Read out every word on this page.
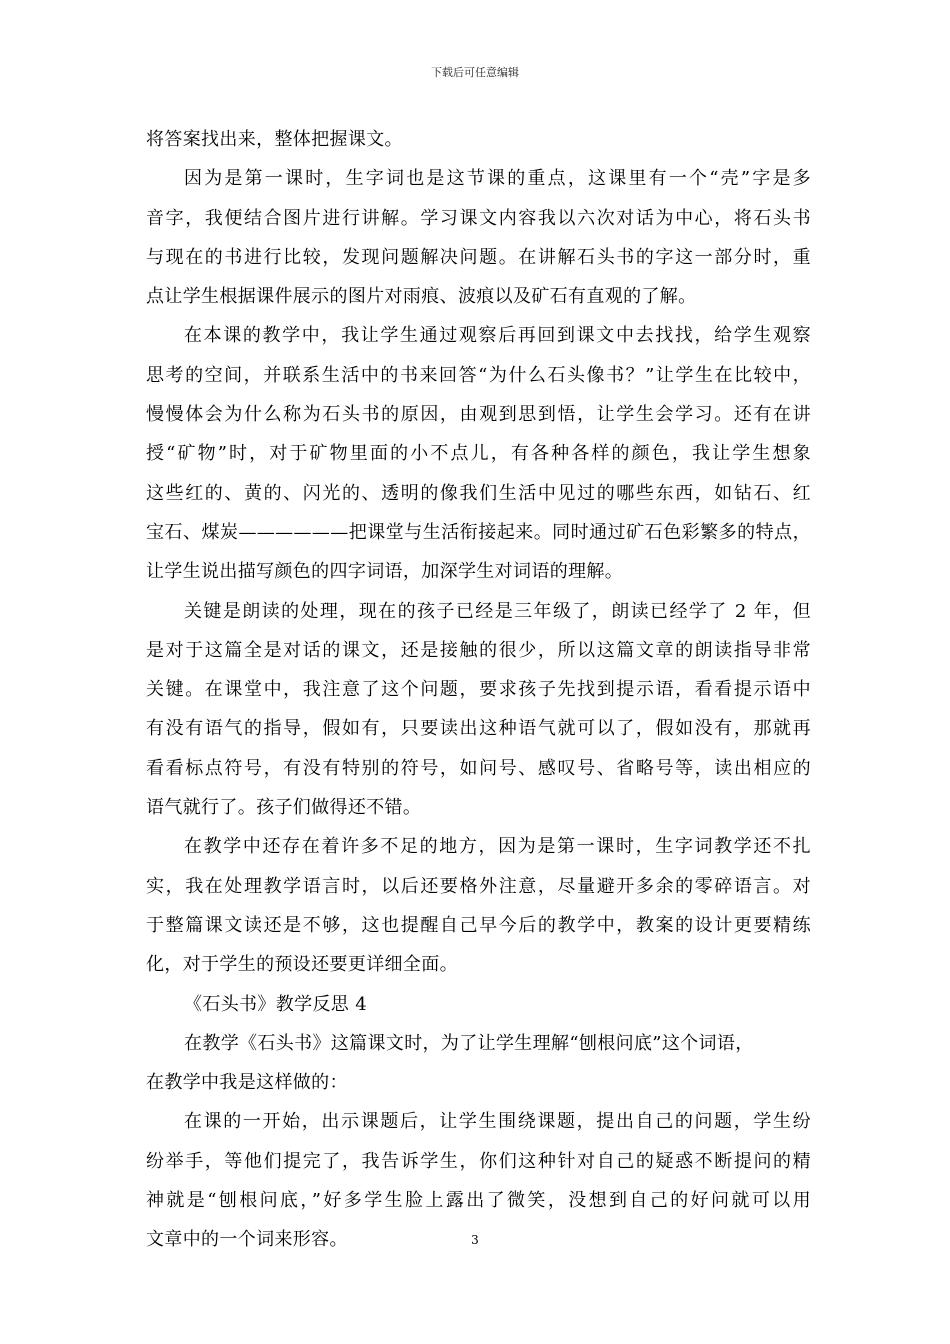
下载后可任意编辑
将答案找出来，整体把握课文。
因为是第一课时，生字词也是这节课的重点，这课里有一个“壳”字是多
音字，我便结合图片进行讲解。学习课文内容我以六次对话为中心，将石头书
与现在的书进行比较，发现问题解决问题。在讲解石头书的字这一部分时，重
点让学生根据课件展示的图片对雨痕、波痕以及矿石有直观的了解。
在本课的教学中，我让学生通过观察后再回到课文中去找找，给学生观察
思考的空间，并联系生活中的书来回答“为什么石头像书？”让学生在比较中，
慢慢体会为什么称为石头书的原因，由观到思到悟，让学生会学习。还有在讲
授“矿物”时，对于矿物里面的小不点儿，有各种各样的颜色，我让学生想象
这些红的、黄的、闪光的、透明的像我们生活中见过的哪些东西，如钻石、红
宝石、煤炭——————把课堂与生活衔接起来。同时通过矿石色彩繁多的特点，
让学生说出描写颜色的四字词语，加深学生对词语的理解。
关键是朗读的处理，现在的孩子已经是三年级了，朗读已经学了 2 年，但
是对于这篇全是对话的课文，还是接触的很少，所以这篇文章的朗读指导非常
关键。在课堂中，我注意了这个问题，要求孩子先找到提示语，看看提示语中
有没有语气的指导，假如有，只要读出这种语气就可以了，假如没有，那就再
看看标点符号，有没有特别的符号，如问号、感叹号、省略号等，读出相应的
语气就行了。孩子们做得还不错。
在教学中还存在着许多不足的地方，因为是第一课时，生字词教学还不扎
实，我在处理教学语言时，以后还要格外注意，尽量避开多余的零碎语言。对
于整篇课文读还是不够，这也提醒自己早今后的教学中，教案的设计更要精练
化，对于学生的预设还要更详细全面。
《石头书》教学反思 4
在教学《石头书》这篇课文时，为了让学生理解“刨根问底”这个词语，
在教学中我是这样做的：
在课的一开始，出示课题后，让学生围绕课题，提出自己的问题，学生纷
纷举手，等他们提完了，我告诉学生，你们这种针对自己的疑惑不断提问的精
神就是“刨根问底，”好多学生脸上露出了微笑，没想到自己的好问就可以用
文章中的一个词来形容。	3
